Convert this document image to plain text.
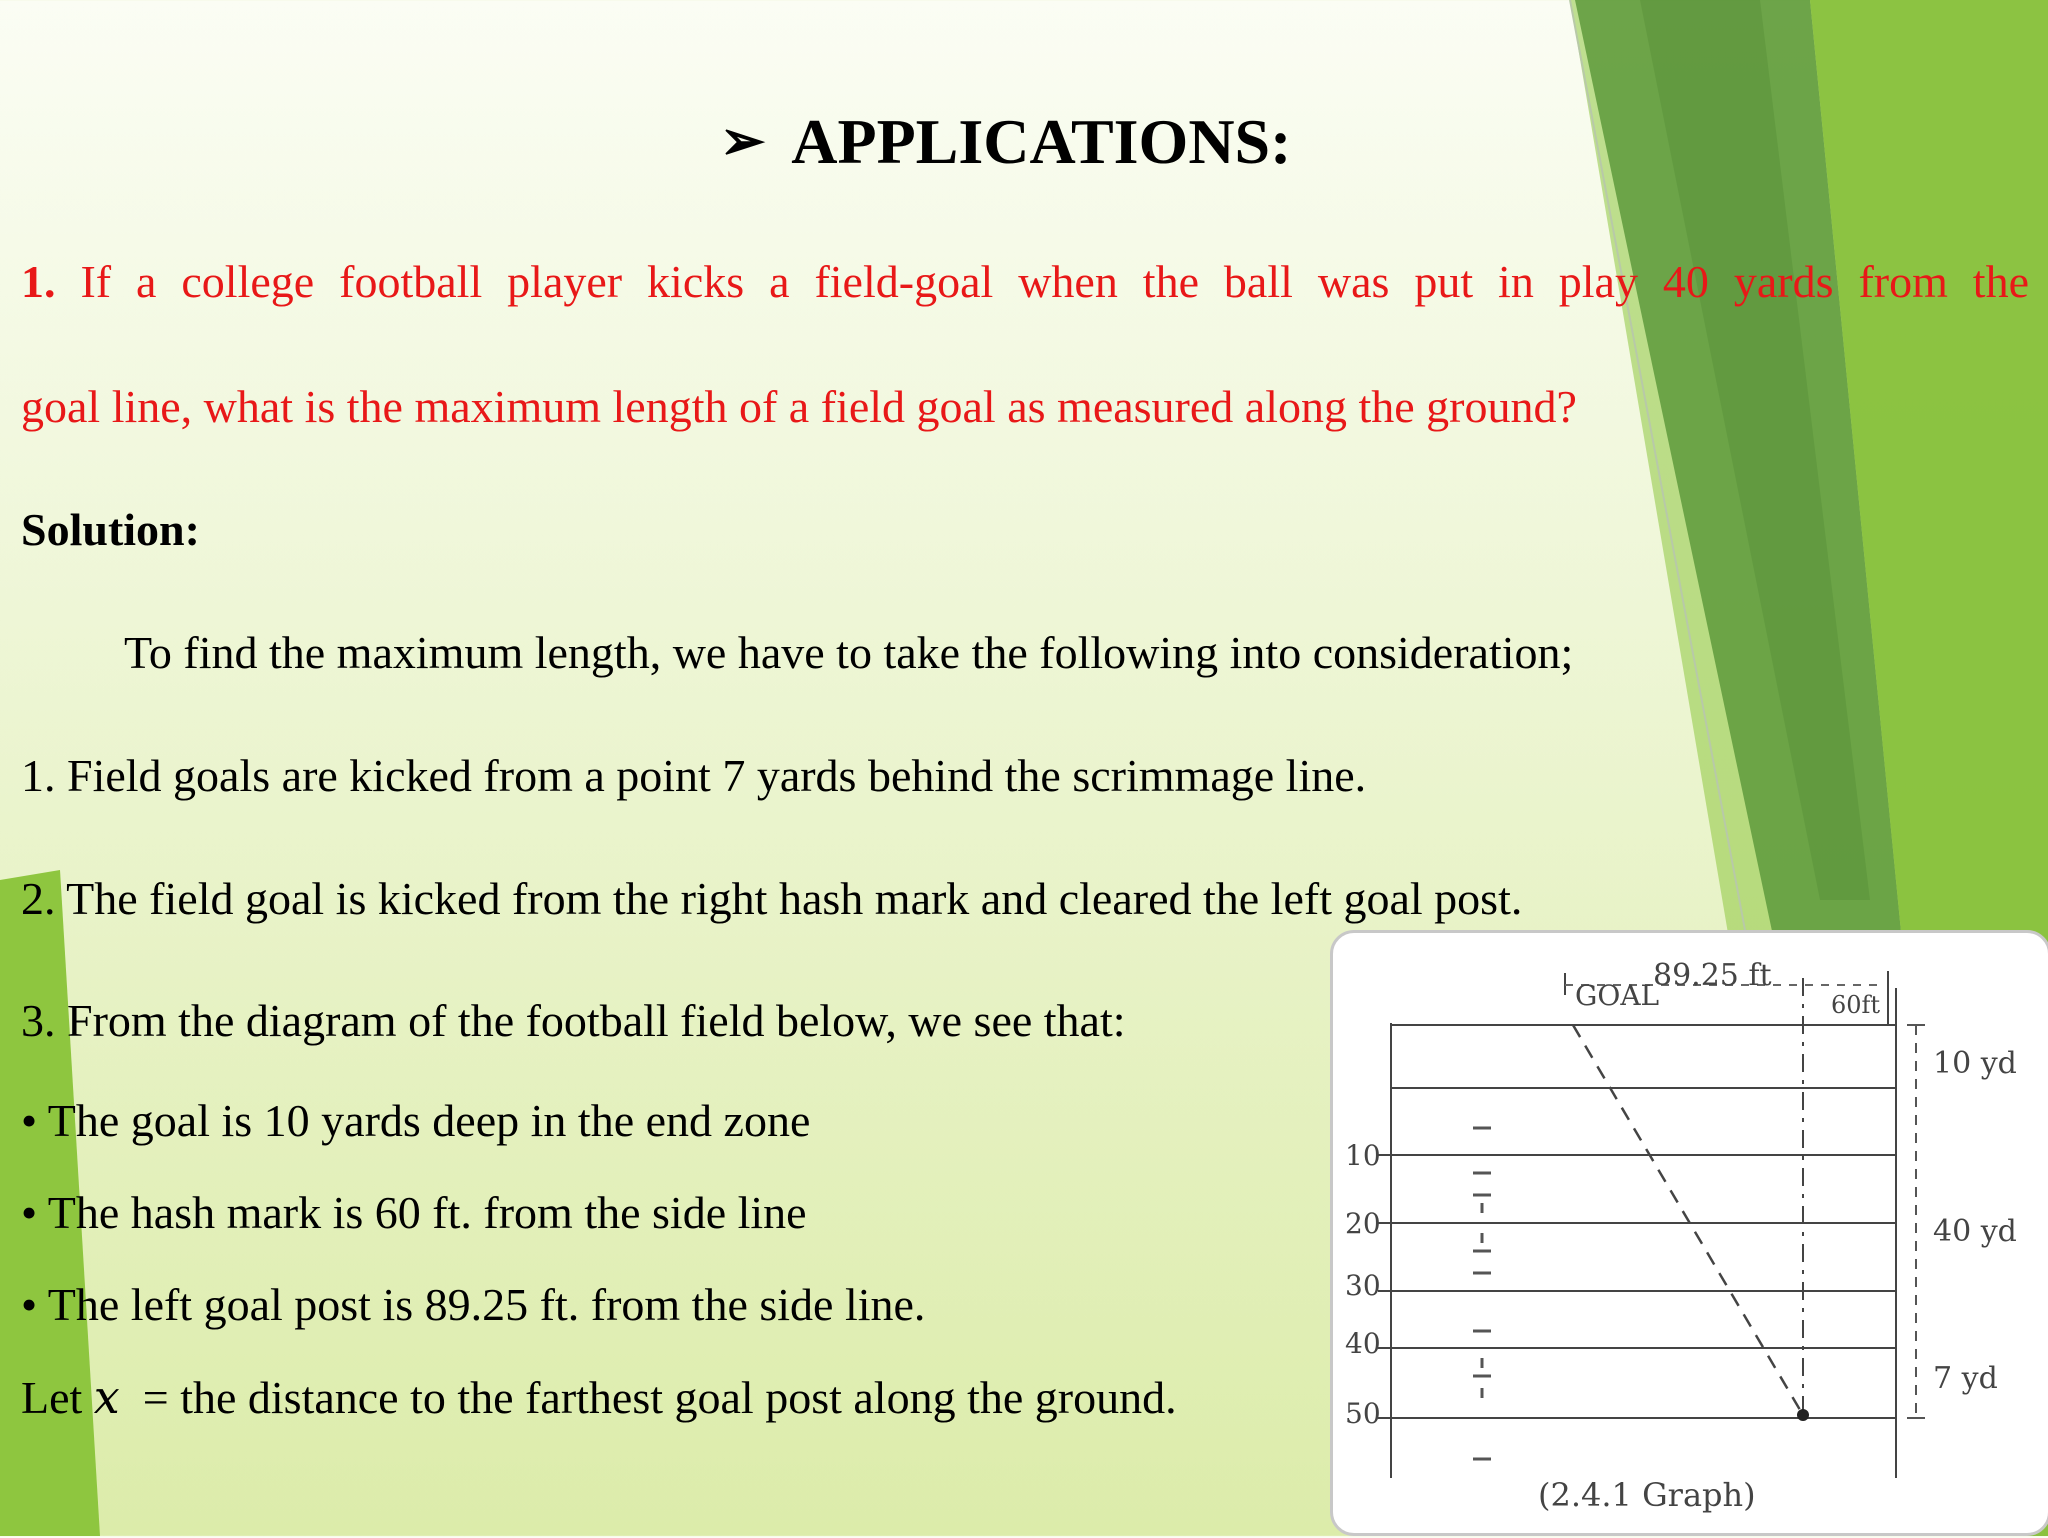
➢ APPLICATIONS:
1. If a college football player kicks a field-goal when the ball was put in play 40 yards from the
goal line, what is the maximum length of a field goal as measured along the ground?
Solution:
To find the maximum length, we have to take the following into consideration;
1. Field goals are kicked from a point 7 yards behind the scrimmage line.
2. The field goal is kicked from the right hash mark and cleared the left goal post.
3. From the diagram of the football field below, we see that:
• The goal is 10 yards deep in the end zone
• The hash mark is 60 ft. from the side line
• The left goal post is 89.25 ft. from the side line.
Let x = the distance to the farthest goal post along the ground.
89.25 ft
GOAL	60ft
10 yd
40 yd
7 yd
10
20
30
40
50
(2.4.1 Graph)
